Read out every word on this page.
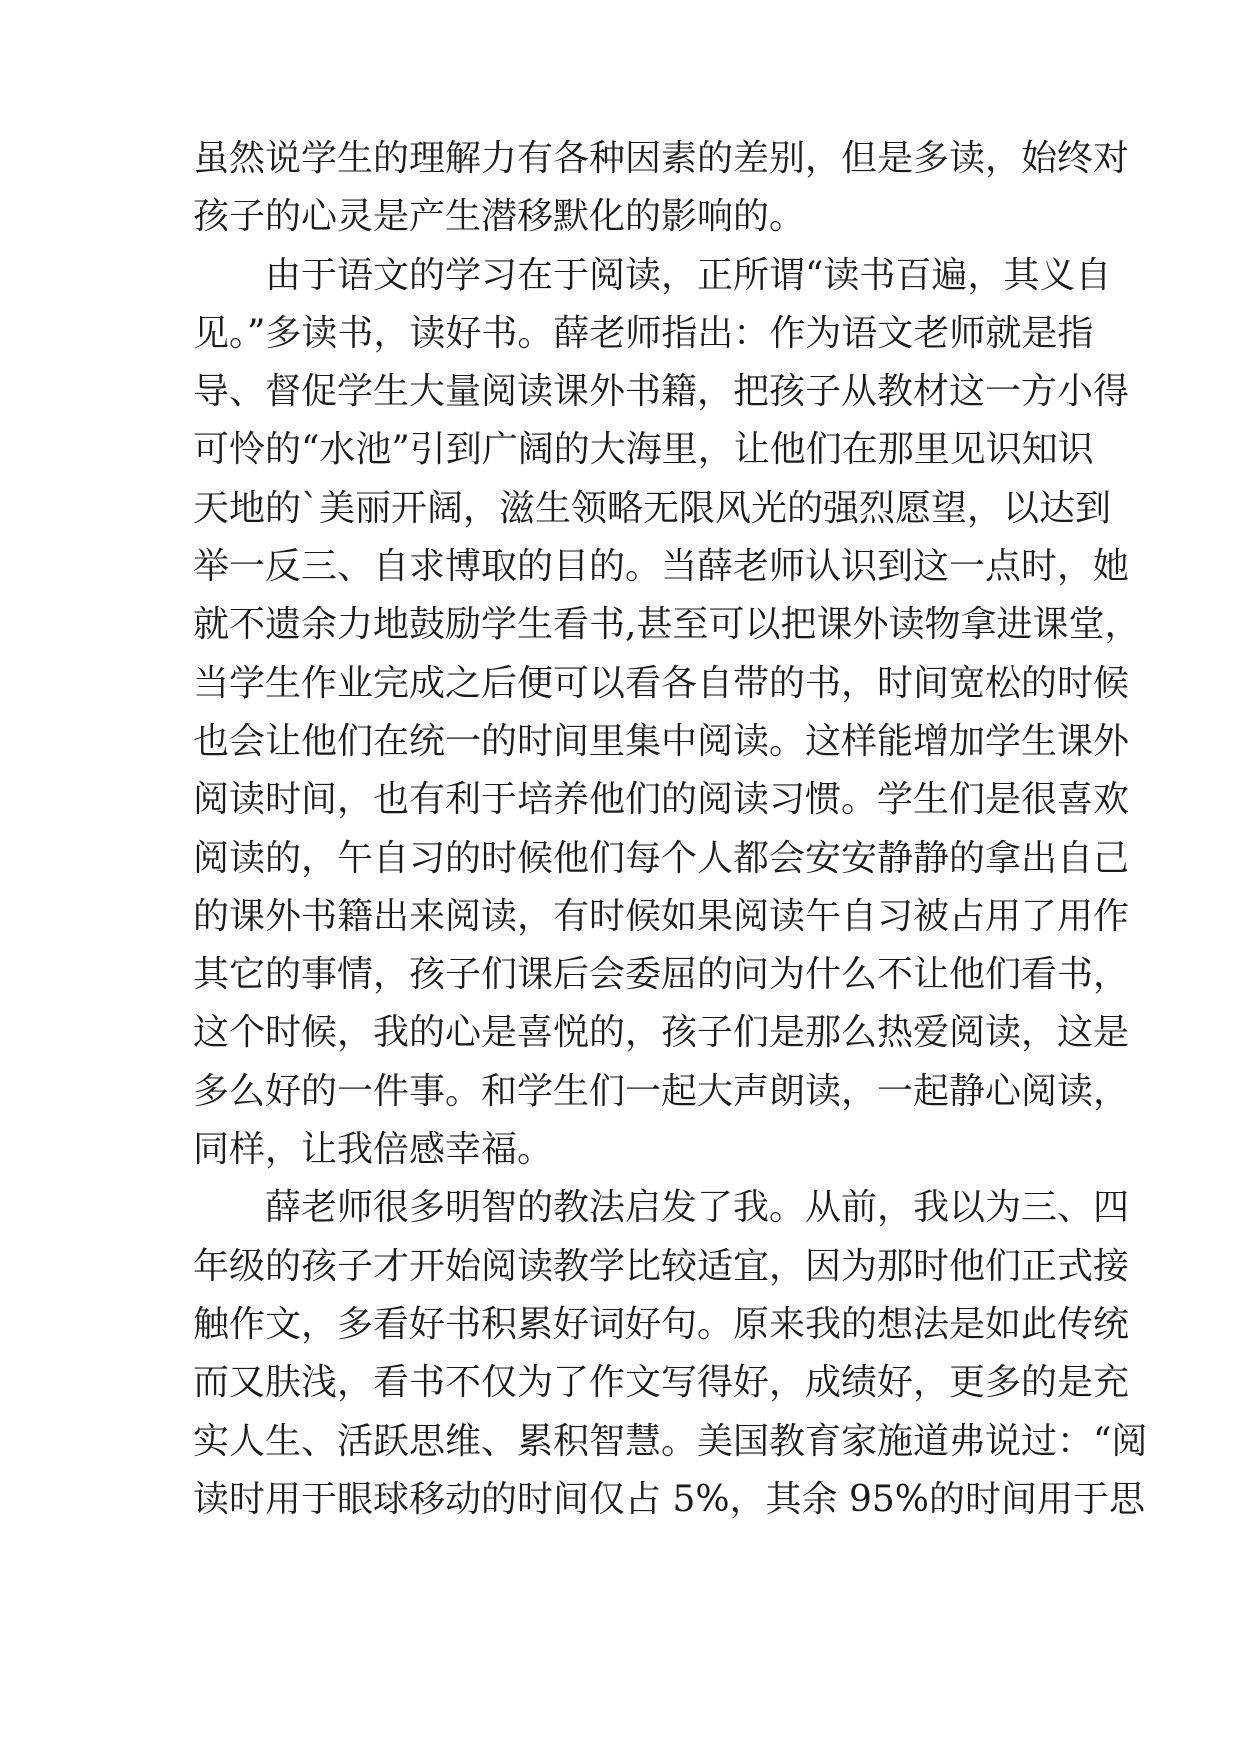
虽然说学生的理解力有各种因素的差别，但是多读，始终对
孩子的心灵是产生潜移默化的影响的。
由于语文的学习在于阅读，正所谓“读书百遍，其义自
见。”多读书，读好书。薛老师指出：作为语文老师就是指
导、督促学生大量阅读课外书籍，把孩子从教材这一方小得
可怜的“水池”引到广阔的大海里，让他们在那里见识知识
天地的`美丽开阔，滋生领略无限风光的强烈愿望，以达到
举一反三、自求博取的目的。当薛老师认识到这一点时，她
就不遗余力地鼓励学生看书,甚至可以把课外读物拿进课堂，
当学生作业完成之后便可以看各自带的书，时间宽松的时候
也会让他们在统一的时间里集中阅读。这样能增加学生课外
阅读时间，也有利于培养他们的阅读习惯。学生们是很喜欢
阅读的，午自习的时候他们每个人都会安安静静的拿出自己
的课外书籍出来阅读，有时候如果阅读午自习被占用了用作
其它的事情，孩子们课后会委屈的问为什么不让他们看书，
这个时候，我的心是喜悦的，孩子们是那么热爱阅读，这是
多么好的一件事。和学生们一起大声朗读，一起静心阅读，
同样，让我倍感幸福。
薛老师很多明智的教法启发了我。从前，我以为三、四
年级的孩子才开始阅读教学比较适宜，因为那时他们正式接
触作文，多看好书积累好词好句。原来我的想法是如此传统
而又肤浅，看书不仅为了作文写得好，成绩好，更多的是充
实人生、活跃思维、累积智慧。美国教育家施道弗说过：“阅
读时用于眼球移动的时间仅占 5%，其余 95%的时间用于思
